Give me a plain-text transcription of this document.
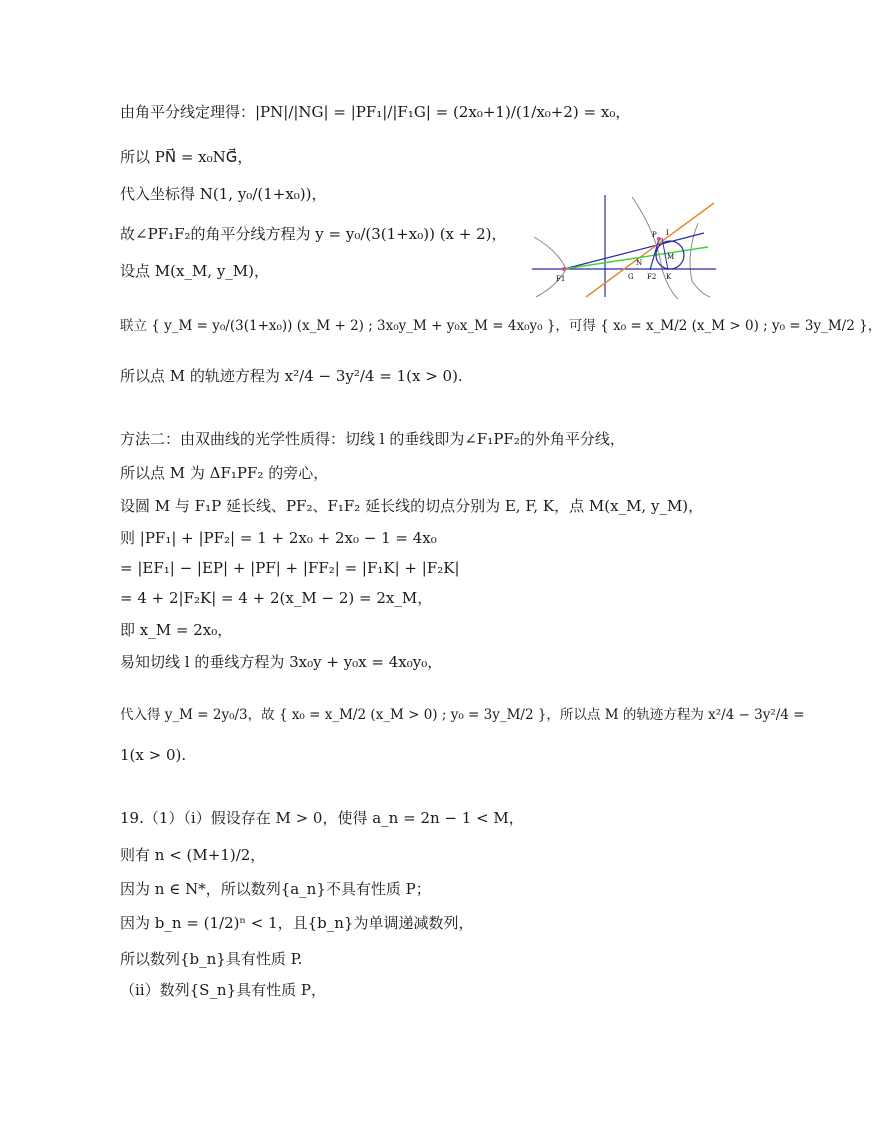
由角平分线定理得：|PN|/|NG| = |PF₁|/|F₁G| = (2x₀+1)/(1/x₀+2) = x₀，
所以 PN⃗ = x₀NG⃗，
代入坐标得 N(1, y₀/(1+x₀))，
故∠PF₁F₂的角平分线方程为 y = y₀/(3(1+x₀)) (x + 2)，
设点 M(x_M, y_M)，
联立 { y_M = y₀/(3(1+x₀)) (x_M + 2) ; 3x₀y_M + y₀x_M = 4x₀y₀ }，可得 { x₀ = x_M/2 (x_M > 0) ; y₀ = 3y_M/2 }，
所以点 M 的轨迹方程为 x²/4 − 3y²/4 = 1(x > 0).
方法二：由双曲线的光学性质得：切线 l 的垂线即为∠F₁PF₂的外角平分线，
所以点 M 为 ΔF₁PF₂ 的旁心，
设圆 M 与 F₁P 延长线、PF₂、F₁F₂ 延长线的切点分别为 E, F, K，点 M(x_M, y_M)，
则 |PF₁| + |PF₂| = 1 + 2x₀ + 2x₀ − 1 = 4x₀
= |EF₁| − |EP| + |PF| + |FF₂| = |F₁K| + |F₂K|
= 4 + 2|F₂K| = 4 + 2(x_M − 2) = 2x_M，
即 x_M = 2x₀，
易知切线 l 的垂线方程为 3x₀y + y₀x = 4x₀y₀，
代入得 y_M = 2y₀/3，故 { x₀ = x_M/2 (x_M > 0) ; y₀ = 3y_M/2 }，所以点 M 的轨迹方程为 x²/4 − 3y²/4 =
1(x > 0).
19.（1）（ⅰ）假设存在 M > 0，使得 a_n = 2n − 1 < M，
则有 n < (M+1)/2，
因为 n ∈ N*，所以数列{a_n}不具有性质 P；
因为 b_n = (1/2)ⁿ < 1，且{b_n}为单调递减数列，
所以数列{b_n}具有性质 P.
（ⅱ）数列{S_n}具有性质 P，
F1	G F2 K
M
P I
N
